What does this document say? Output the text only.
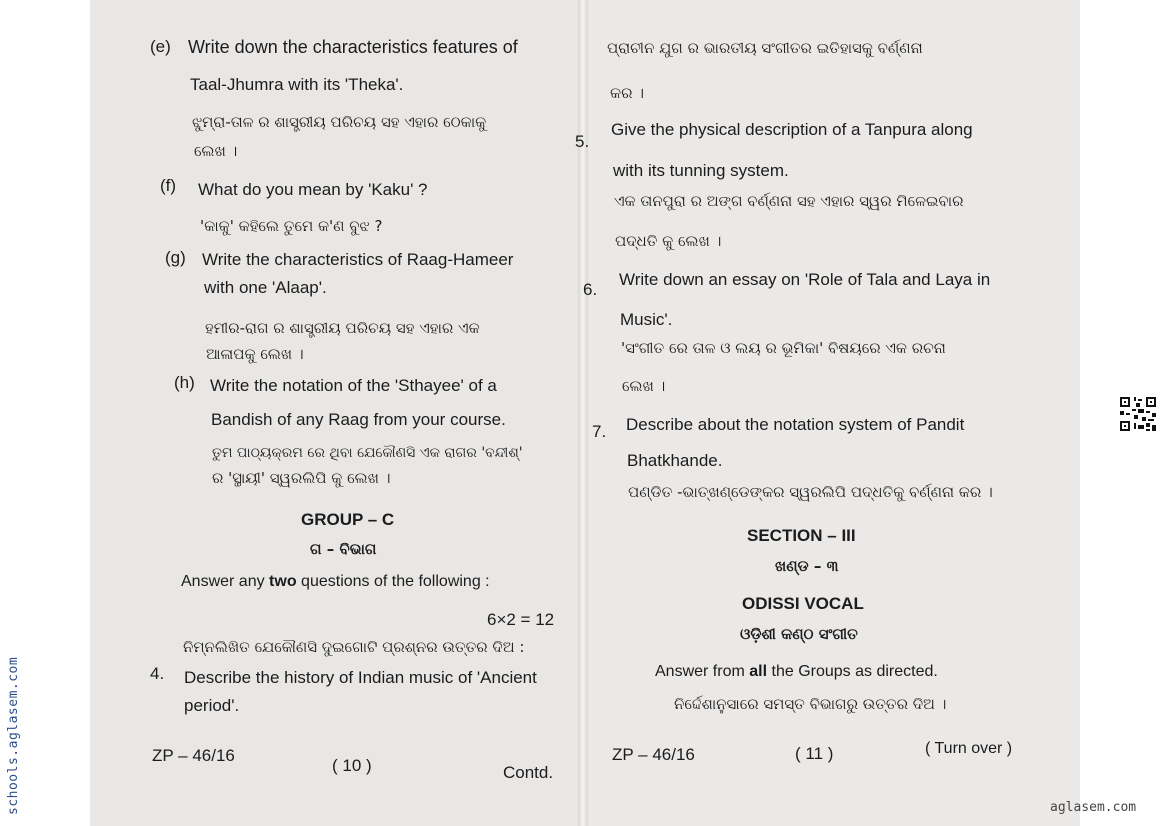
(e) Write down the characteristics features of
Taal-Jhumra with its 'Theka'.
ଝୁମ୍‌ରା-ତାଳ ର ଶାସ୍ତ୍ରୀୟ ପରିଚୟ ସହ ଏହାର ଠେକାକୁ
ଲେଖ ।
(f) What do you mean by 'Kaku' ?
'କାକୁ' କହିଲେ ତୁମେ କ'ଣ ବୁଝ ?
(g) Write the characteristics of Raag-Hameer
with one 'Alaap'.
ହମୀର-ରାଗ ର ଶାସ୍ତ୍ରୀୟ ପରିଚୟ ସହ ଏହାର ଏକ
ଆଳାପକୁ ଲେଖ ।
(h) Write the notation of the 'Sthayee' of a
Bandish of any Raag from your course.
ତୁମ ପାଠ୍ୟକ୍ରମ ରେ ଥିବା ଯେକୌଣସି ଏକ ରାଗର 'ବନ୍ଦୀଶ୍'
ର 'ସ୍ଥାୟୀ' ସ୍ୱରଲିପି କୁ ଲେଖ ।
GROUP – C
ଗ – ବିଭାଗ
Answer any two questions of the following :
6×2 = 12
ନିମ୍ନଲିଖିତ ଯେକୌଣସି ଦୁଇଗୋଟି ପ୍ରଶ୍ନର ଉତ୍ତର ଦିଅ :
4. Describe the history of Indian music of 'Ancient
period'.
ZP – 46/16
( 10 )	Contd.
ପ୍ରାଚୀନ ଯୁଗ ର ଭାରତୀୟ ସଂଗୀତର ଇତିହାସକୁ ବର୍ଣ୍ଣନା
କର ।
5.
Give the physical description of a Tanpura along
with its tunning system.
ଏକ ତାନପୁରା ର ଅଙ୍ଗ ବର୍ଣ୍ଣନା ସହ ଏହାର ସ୍ୱର ମିଳେଇବାର
ପଦ୍ଧତି କୁ ଲେଖ ।
6.
Write down an essay on 'Role of Tala and Laya in
Music'.
'ସଂଗୀତ ରେ ତାଳ ଓ ଲୟ ର ଭୂମିକା' ବିଷୟରେ ଏକ ରଚନା
ଲେଖ ।
7. Describe about the notation system of Pandit
Bhatkhande.
ପଣ୍ଡିତ -ଭାତ୍‌ଖଣ୍ଡେଙ୍କର ସ୍ୱରଲିପି ପଦ୍ଧତିକୁ ବର୍ଣ୍ଣନା କର ।
SECTION – III
ଖଣ୍ଡ – ୩
ODISSI VOCAL
ଓଡ଼ିଶୀ କଣ୍ଠ ସଂଗୀତ
Answer from all the Groups as directed.
ନିର୍ଦ୍ଦେଶାନୁସାରେ ସମସ୍ତ ବିଭାଗରୁ ଉତ୍ତର ଦିଅ ।
ZP – 46/16	( 11 )	( Turn over )
schools.aglasem.com	aglasem.com
